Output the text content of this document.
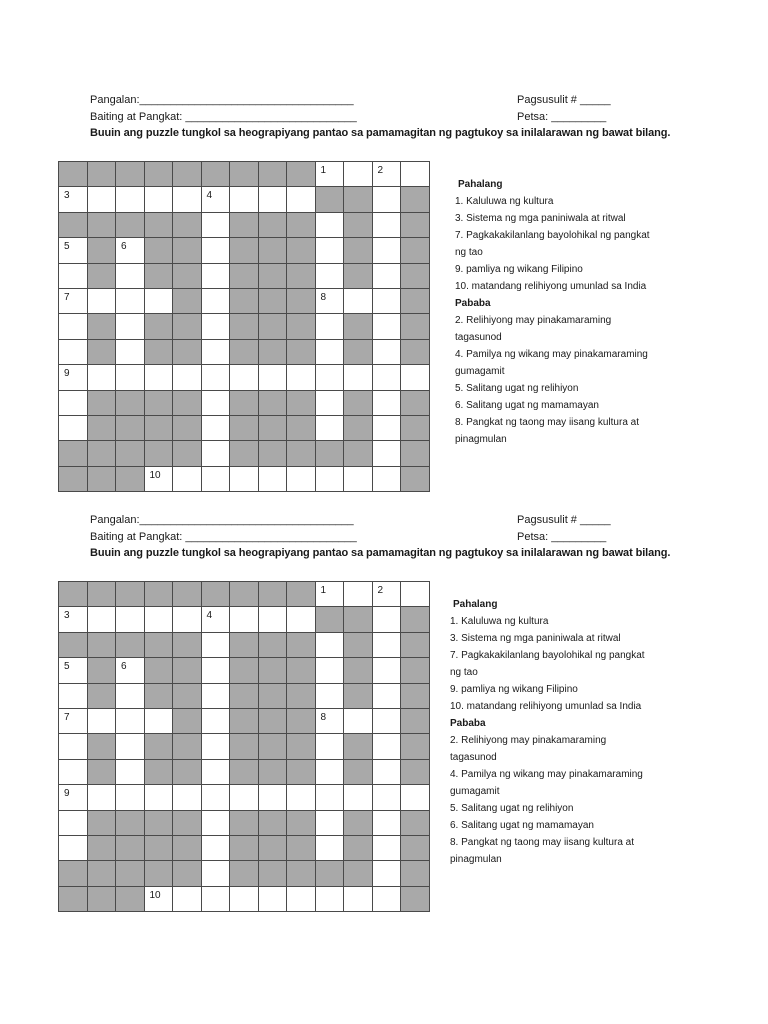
Pangalan:___________________________________
Baiting at Pangkat: ____________________________
Pagsusulit # _____
Petsa: _________
Buuin ang puzzle tungkol sa heograpiyang pantao sa pamamagitan ng pagtukoy sa inilalarawan ng bawat bilang.

									1		2	

3					4							

5		6										

7									8			

9												

			10									

Pahalang
1. Kaluluwa ng kultura
3. Sistema ng mga paniniwala at ritwal
7. Pagkakakilanlang bayolohikal ng pangkat
ng tao
9. pamliya ng wikang Filipino
10. matandang relihiyong umunlad sa India
Pababa
2. Relihiyong may pinakamaraming
tagasunod
4. Pamilya ng wikang may pinakamaraming
gumagamit
5. Salitang ugat ng relihiyon
6. Salitang ugat ng mamamayan
8. Pangkat ng taong may iisang kultura at
pinagmulan
Pangalan:___________________________________
Baiting at Pangkat: ____________________________
Pagsusulit # _____
Petsa: _________
Buuin ang puzzle tungkol sa heograpiyang pantao sa pamamagitan ng pagtukoy sa inilalarawan ng bawat bilang.

									1		2	

3					4							

5		6										

7									8			

9												

			10									

Pahalang
1. Kaluluwa ng kultura
3. Sistema ng mga paniniwala at ritwal
7. Pagkakakilanlang bayolohikal ng pangkat
ng tao
9. pamliya ng wikang Filipino
10. matandang relihiyong umunlad sa India
Pababa
2. Relihiyong may pinakamaraming
tagasunod
4. Pamilya ng wikang may pinakamaraming
gumagamit
5. Salitang ugat ng relihiyon
6. Salitang ugat ng mamamayan
8. Pangkat ng taong may iisang kultura at
pinagmulan
